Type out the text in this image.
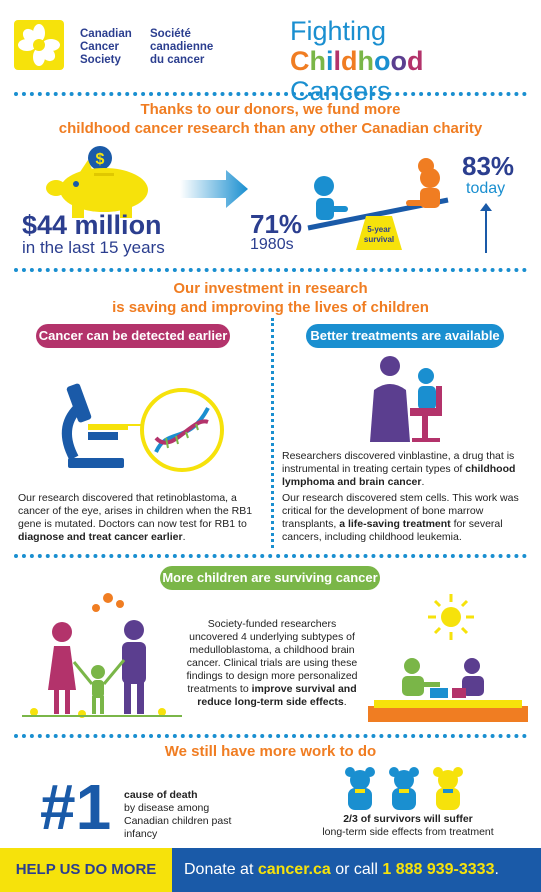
Canadian
Cancer
Society
Société
canadienne
du cancer
Fighting
Childhood Cancers
Thanks to our donors, we fund more
childhood cancer research than any other Canadian charity
$
$44 million
in the last 15 years
5-year
survival
71%
1980s
83%
today
Our investment in research
is saving and improving the lives of children
Cancer can be detected earlier
Our research discovered that retinoblastoma, a cancer of the eye, arises in children when the RB1 gene is mutated. Doctors can now test for RB1 to diagnose and treat cancer earlier.
Better treatments are available
Researchers discovered vinblastine, a drug that is instrumental in treating certain types of childhood lymphoma and brain cancer.
Our research discovered stem cells. This work was critical for the development of bone marrow transplants, a life-saving treatment for several cancers, including childhood leukemia.
More children are surviving cancer
Society-funded researchers uncovered 4 underlying subtypes of medulloblastoma, a childhood brain cancer. Clinical trials are using these findings to design more personalized treatments to improve survival and reduce long-term side effects.
We still have more work to do
#1 cause of death
by disease among Canadian children past infancy
2/3 of survivors will suffer
long-term side effects from treatment
HELP US DO MORE	Donate at cancer.ca or call 1 888 939-3333.
